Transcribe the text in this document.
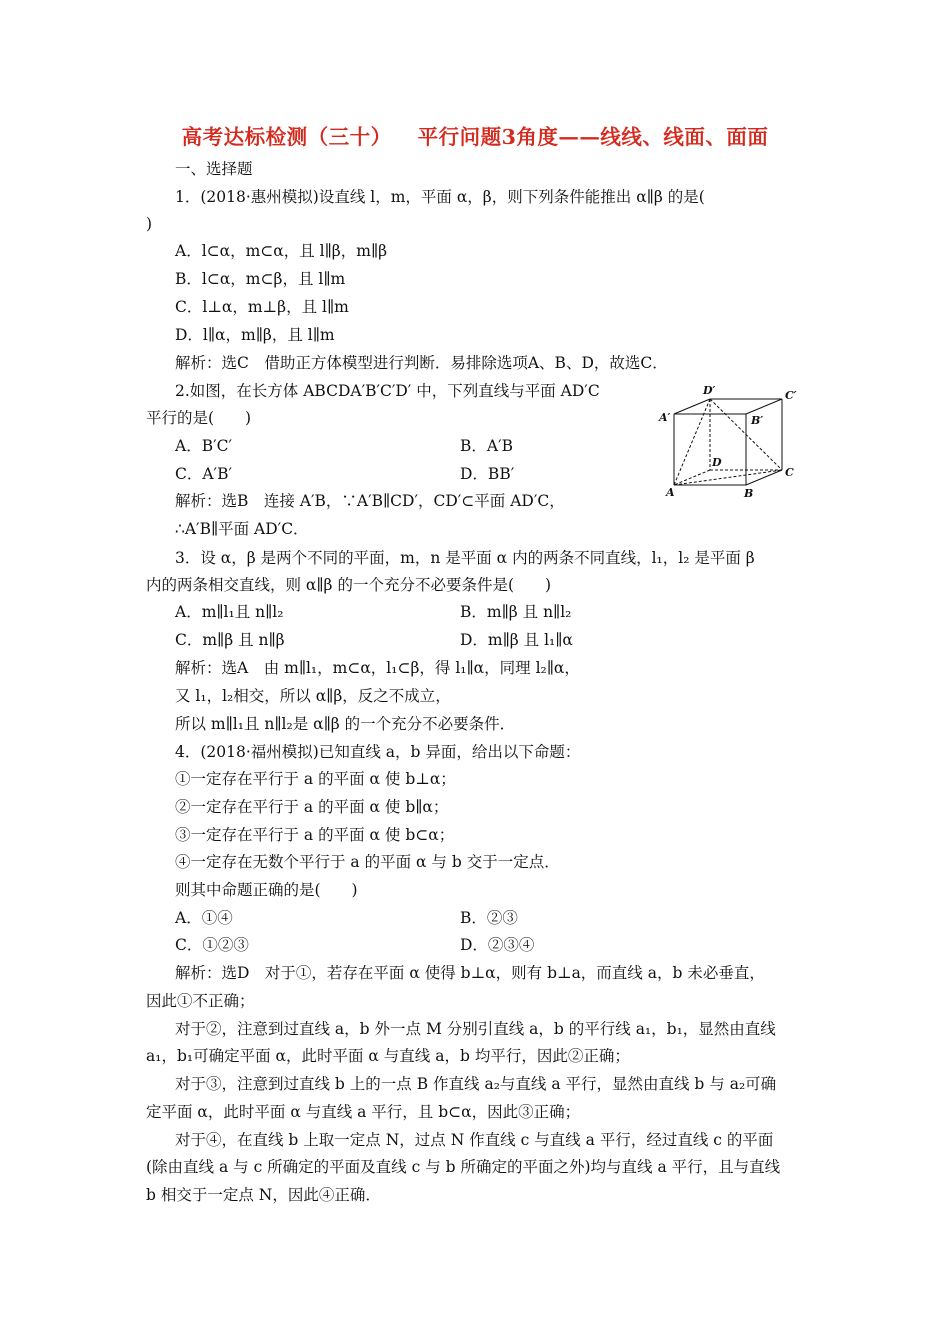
高考达标检测（三十） 平行问题3角度——线线、线面、面面
一、选择题
1．(2018·惠州模拟)设直线 l，m，平面 α，β，则下列条件能推出 α∥β 的是(
)
A．l⊂α，m⊂α，且 l∥β，m∥β
B．l⊂α，m⊂β，且 l∥m
C．l⊥α，m⊥β，且 l∥m
D．l∥α，m∥β，且 l∥m
解析：选C　借助正方体模型进行判断．易排除选项A、B、D，故选C．
2.如图，在长方体 ABCDA′B′C′D′ 中，下列直线与平面 AD′C
平行的是(　　)
A．B′C′	B．A′B
C．A′B′	D．BB′
解析：选B　连接 A′B，∵A′B∥CD′，CD′⊂平面 AD′C，
∴A′B∥平面 AD′C．
D′	C′
A′	B′
D
C
A	B
3．设 α，β 是两个不同的平面，m，n 是平面 α 内的两条不同直线，l₁，l₂ 是平面 β
内的两条相交直线，则 α∥β 的一个充分不必要条件是(　　)
A．m∥l₁且 n∥l₂	B．m∥β 且 n∥l₂
C．m∥β 且 n∥β	D．m∥β 且 l₁∥α
解析：选A　由 m∥l₁，m⊂α，l₁⊂β，得 l₁∥α，同理 l₂∥α，
又 l₁，l₂相交，所以 α∥β，反之不成立，
所以 m∥l₁且 n∥l₂是 α∥β 的一个充分不必要条件．
4．(2018·福州模拟)已知直线 a，b 异面，给出以下命题：
①一定存在平行于 a 的平面 α 使 b⊥α；
②一定存在平行于 a 的平面 α 使 b∥α；
③一定存在平行于 a 的平面 α 使 b⊂α；
④一定存在无数个平行于 a 的平面 α 与 b 交于一定点．
则其中命题正确的是(　　)
A．①④	B．②③
C．①②③	D．②③④
解析：选D　对于①，若存在平面 α 使得 b⊥α，则有 b⊥a，而直线 a，b 未必垂直，
因此①不正确；
对于②，注意到过直线 a，b 外一点 M 分别引直线 a，b 的平行线 a₁，b₁，显然由直线
a₁，b₁可确定平面 α，此时平面 α 与直线 a，b 均平行，因此②正确；
对于③，注意到过直线 b 上的一点 B 作直线 a₂与直线 a 平行，显然由直线 b 与 a₂可确
定平面 α，此时平面 α 与直线 a 平行，且 b⊂α，因此③正确；
对于④，在直线 b 上取一定点 N，过点 N 作直线 c 与直线 a 平行，经过直线 c 的平面
(除由直线 a 与 c 所确定的平面及直线 c 与 b 所确定的平面之外)均与直线 a 平行，且与直线
b 相交于一定点 N，因此④正确．
